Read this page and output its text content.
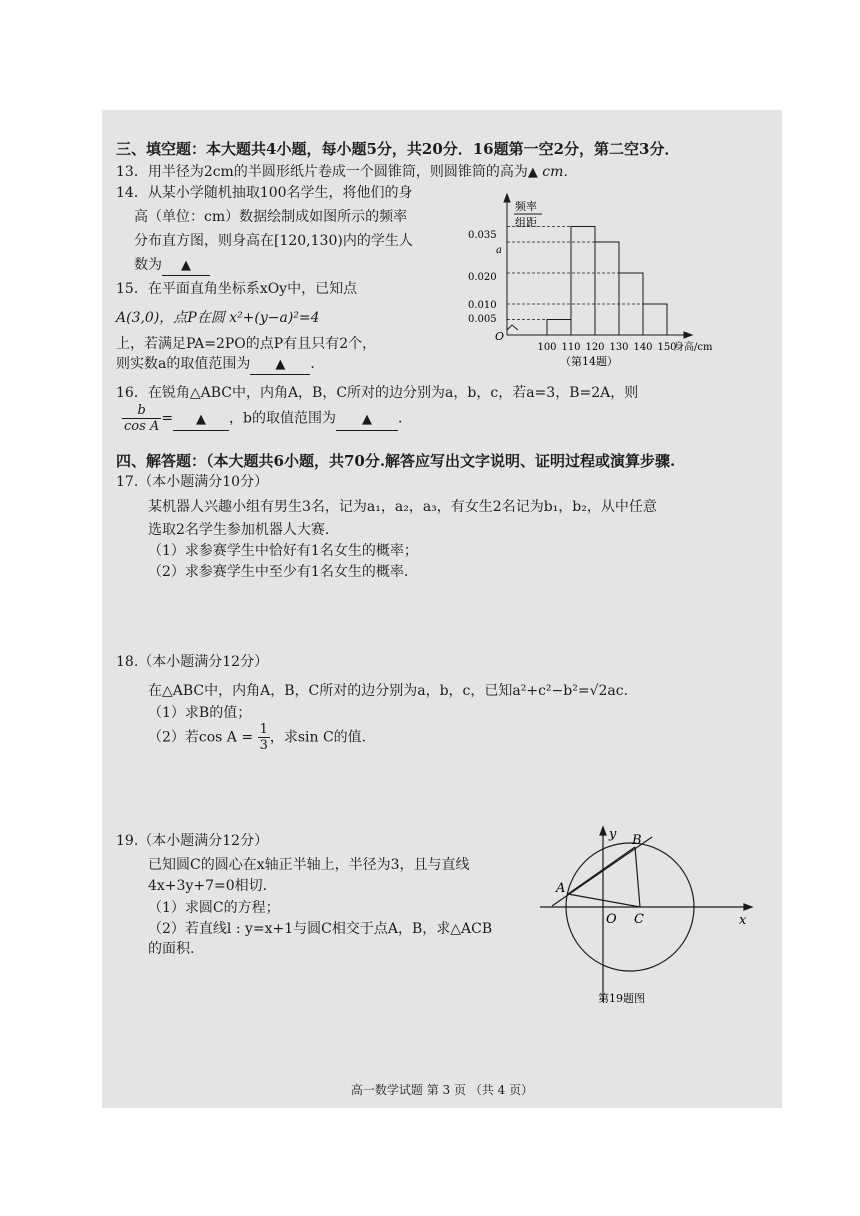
三、填空题：本大题共4小题，每小题5分，共20分．16题第一空2分，第二空3分．
13．用半径为2cm的半圆形纸片卷成一个圆锥筒，则圆锥筒的高为▲ cm．
14．从某小学随机抽取100名学生，将他们的身
高（单位：cm）数据绘制成如图所示的频率
分布直方图，则身高在[120,130)内的学生人
数为 ▲
15．在平面直角坐标系xOy中，已知点
A(3,0)，点P在圆 x²+(y−a)²=4
上，若满足PA=2PO的点P有且只有2个，
则实数a的取值范围为 ▲ ．
16．在锐角△ABC中，内角A，B，C所对的边分别为a，b，c，若a=3，B=2A，则
$\frac{b}{\text{cos A}}$ = ▲ ，b的取值范围为 ▲ ．
四、解答题：（本大题共6小题，共70分.解答应写出文字说明、证明过程或演算步骤.
17.（本小题满分10分）
某机器人兴趣小组有男生3名，记为a₁，a₂，a₃，有女生2名记为b₁，b₂，从中任意
选取2名学生参加机器人大赛.
（1）求参赛学生中恰好有1名女生的概率；
（2）求参赛学生中至少有1名女生的概率.
18.（本小题满分12分）
在△ABC中，内角A，B，C所对的边分别为a，b，c，已知a²+c²−b²=√2ac．
（1）求B的值；
（2）若$\cos A = \frac{1}{3}$ ，求sin C的值.
19.（本小题满分12分）
已知圆C的圆心在x轴正半轴上，半径为3，且与直线
4x+3y+7=0相切.
（1）求圆C的方程；
（2）若直线l : y=x+1与圆C相交于点A，B，求△ACB
的面积.
频率
组距
0.035
a
0.020
0.010
0.005
O
100 110 120 130 140 150
身高/cm
（第14题）
y
x
B
A
O C
第19题图
高一数学试题 第 3 页 （共 4 页）
